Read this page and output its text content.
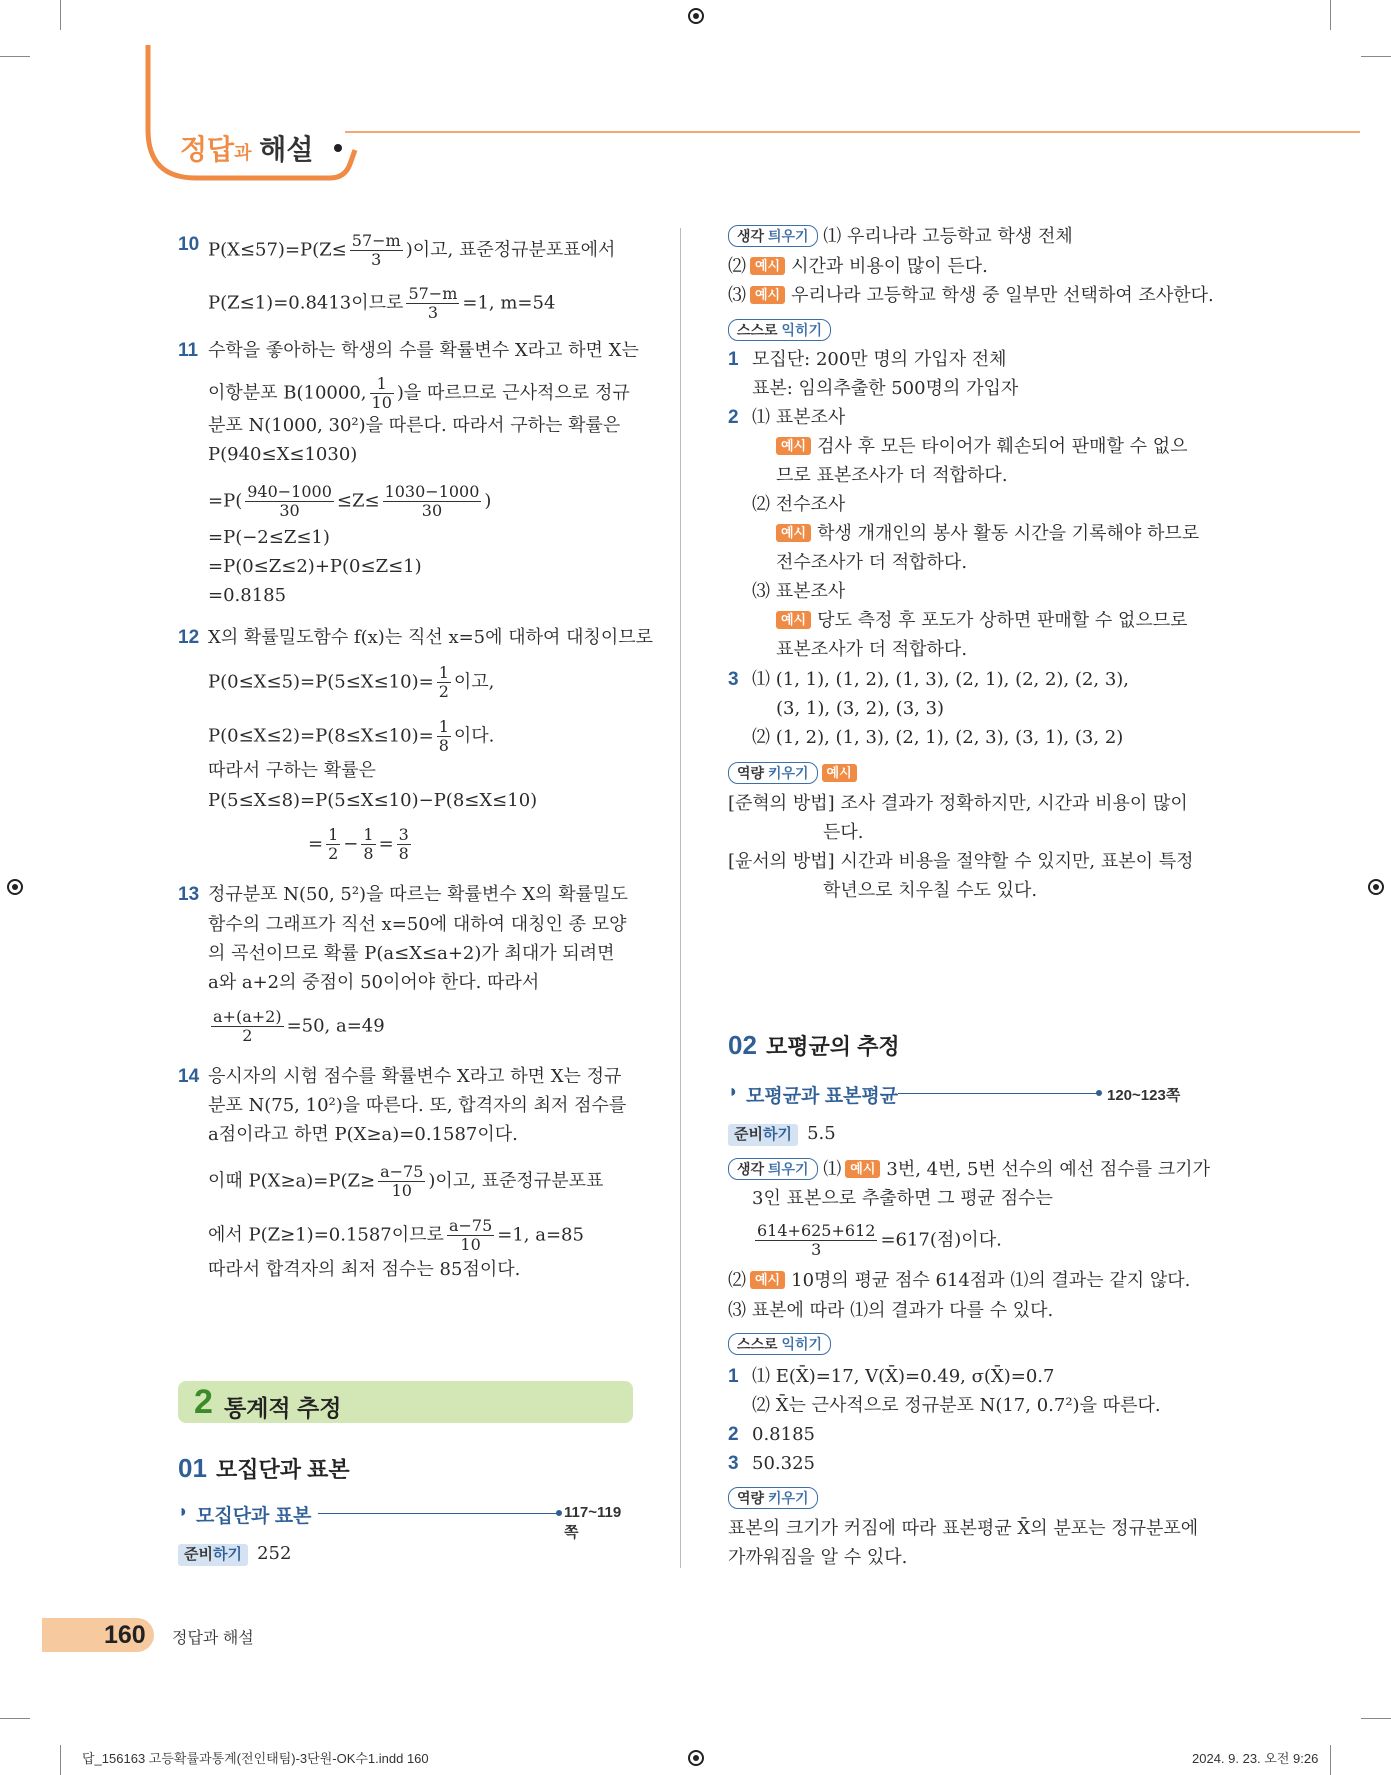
정답과 해설
10 $P(X\le 57)=P(Z\le \frac{57-m}{3}$ )이고, 표준정규분포표에서
P(Z≤1)=0.8413이므로 $\frac{57-m}{3} =1$, m=54
11 수학을 좋아하는 학생의 수를 확률변수 X라고 하면 X는
이항분포 B(10000, $\frac{1}{10}$ )을 따르므로 근사적으로 정규
분포 N(1000, 30²)을 따른다. 따라서 구하는 확률은
P(940≤X≤1030)
$=P( \frac{940-1000}{30} \le Z\le \frac{1030-1000}{30}$ )
=P(−2≤Z≤1)
=P(0≤Z≤2)+P(0≤Z≤1)
=0.8185
12 X의 확률밀도함수 f(x)는 직선 x=5에 대하여 대칭이므로
$P(0\le X\le 5)=P(5\le X\le 10)= \frac{1}{2}$ 이고,
$P(0\le X\le 2)=P(8\le X\le 10)= \frac{1}{8}$ 이다.
따라서 구하는 확률은
P(5≤X≤8)=P(5≤X≤10)−P(8≤X≤10)
= $\frac{1}{2} - \frac{1}{8} = \frac{3}{8}$
13 정규분포 N(50, 5²)을 따르는 확률변수 X의 확률밀도
함수의 그래프가 직선 x=50에 대하여 대칭인 종 모양
의 곡선이므로 확률 P(a≤X≤a+2)가 최대가 되려면
a와 a+2의 중점이 50이어야 한다. 따라서
$\frac{a+(a+2)}{2} =50$, a=49
14 응시자의 시험 점수를 확률변수 X라고 하면 X는 정규
분포 N(75, 10²)을 따른다. 또, 합격자의 최저 점수를
a점이라고 하면 P(X≥a)=0.1587이다.
이때 $P(X\ge a)=P(Z\ge \frac{a-75}{10}$ )이고, 표준정규분포표
에서 P(Z≥1)=0.1587이므로 $\frac{a-75}{10} =1$, a=85
따라서 합격자의 최저 점수는 85점이다.
2 통계적 추정
01 모집단과 표본
◗ 모집단과 표본	117~119쪽
준비하기 252
생각 틔우기 ⑴ 우리나라 고등학교 학생 전체
⑵ 예시 시간과 비용이 많이 든다.
⑶ 예시 우리나라 고등학교 학생 중 일부만 선택하여 조사한다.
스스로 익히기
1 모집단: 200만 명의 가입자 전체
표본: 임의추출한 500명의 가입자
2 ⑴ 표본조사
예시 검사 후 모든 타이어가 훼손되어 판매할 수 없으
므로 표본조사가 더 적합하다.
⑵ 전수조사
예시 학생 개개인의 봉사 활동 시간을 기록해야 하므로
전수조사가 더 적합하다.
⑶ 표본조사
예시 당도 측정 후 포도가 상하면 판매할 수 없으므로
표본조사가 더 적합하다.
3 ⑴ (1, 1), (1, 2), (1, 3), (2, 1), (2, 2), (2, 3),
(3, 1), (3, 2), (3, 3)
⑵ (1, 2), (1, 3), (2, 1), (2, 3), (3, 1), (3, 2)
역량 키우기 예시
[준혁의 방법] 조사 결과가 정확하지만, 시간과 비용이 많이
든다.
[윤서의 방법] 시간과 비용을 절약할 수 있지만, 표본이 특정
학년으로 치우칠 수도 있다.
02 모평균의 추정
◗ 모평균과 표본평균	120~123쪽
준비하기 5.5
생각 틔우기 ⑴ 예시 3번, 4번, 5번 선수의 예선 점수를 크기가
3인 표본으로 추출하면 그 평균 점수는
$\frac{614+625+612}{3} =617$(점)이다.
⑵ 예시 10명의 평균 점수 614점과 ⑴의 결과는 같지 않다.
⑶ 표본에 따라 ⑴의 결과가 다를 수 있다.
스스로 익히기
1 ⑴ E(X̄)=17, V(X̄)=0.49, σ(X̄)=0.7
⑵ X̄는 근사적으로 정규분포 N(17, 0.7²)을 따른다.
2 0.8185
3 50.325
역량 키우기
표본의 크기가 커짐에 따라 표본평균 X̄의 분포는 정규분포에
가까워짐을 알 수 있다.
160 정답과 해설
답_156163 고등확률과통계(전인태팀)-3단원-OK수1.indd 160	2024. 9. 23. 오전 9:26
